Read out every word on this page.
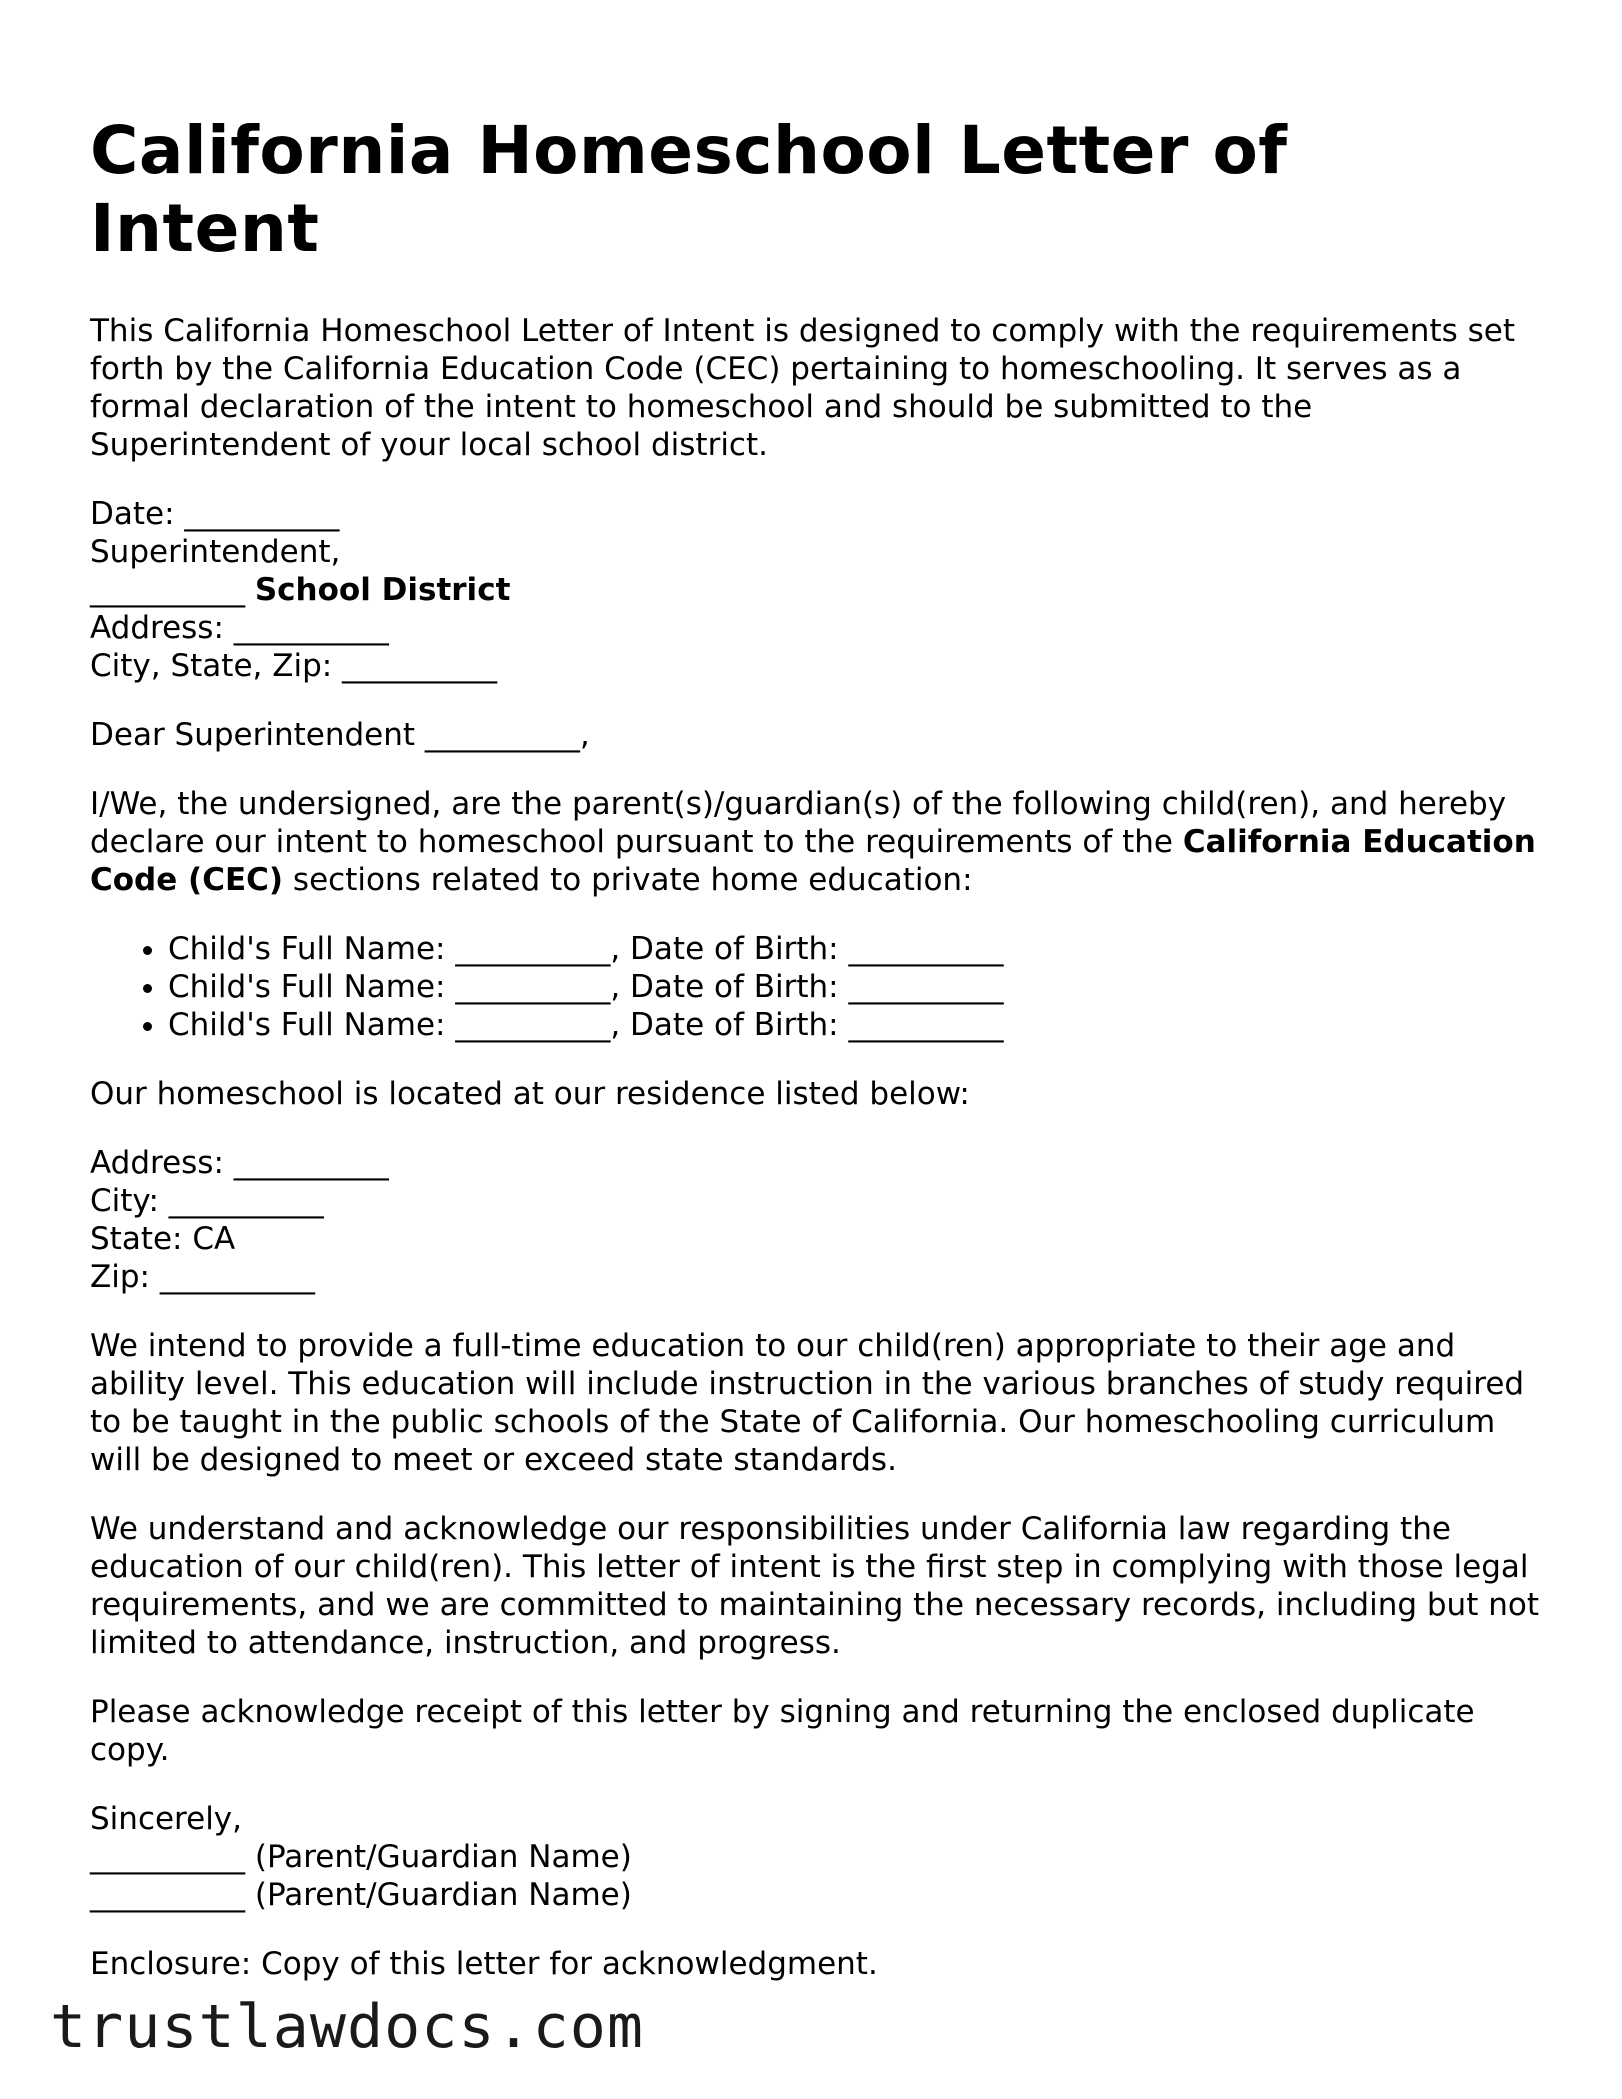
California Homeschool Letter of Intent

This California Homeschool Letter of Intent is designed to comply with the requirements set forth by the California Education Code (CEC) pertaining to homeschooling. It serves as a formal declaration of the intent to homeschool and should be submitted to the Superintendent of your local school district.

Date: __________
Superintendent,
__________ School District
Address: __________
City, State, Zip: __________

Dear Superintendent __________,

I/We, the undersigned, are the parent(s)/guardian(s) of the following child(ren), and hereby declare our intent to homeschool pursuant to the requirements of the California Education Code (CEC) sections related to private home education:

• Child's Full Name: __________, Date of Birth: __________
• Child's Full Name: __________, Date of Birth: __________
• Child's Full Name: __________, Date of Birth: __________

Our homeschool is located at our residence listed below:

Address: __________
City: __________
State: CA
Zip: __________

We intend to provide a full-time education to our child(ren) appropriate to their age and ability level. This education will include instruction in the various branches of study required to be taught in the public schools of the State of California. Our homeschooling curriculum will be designed to meet or exceed state standards.

We understand and acknowledge our responsibilities under California law regarding the education of our child(ren). This letter of intent is the first step in complying with those legal requirements, and we are committed to maintaining the necessary records, including but not limited to attendance, instruction, and progress.

Please acknowledge receipt of this letter by signing and returning the enclosed duplicate copy.

Sincerely,
__________ (Parent/Guardian Name)
__________ (Parent/Guardian Name)

Enclosure: Copy of this letter for acknowledgment.

trustlawdocs.com
